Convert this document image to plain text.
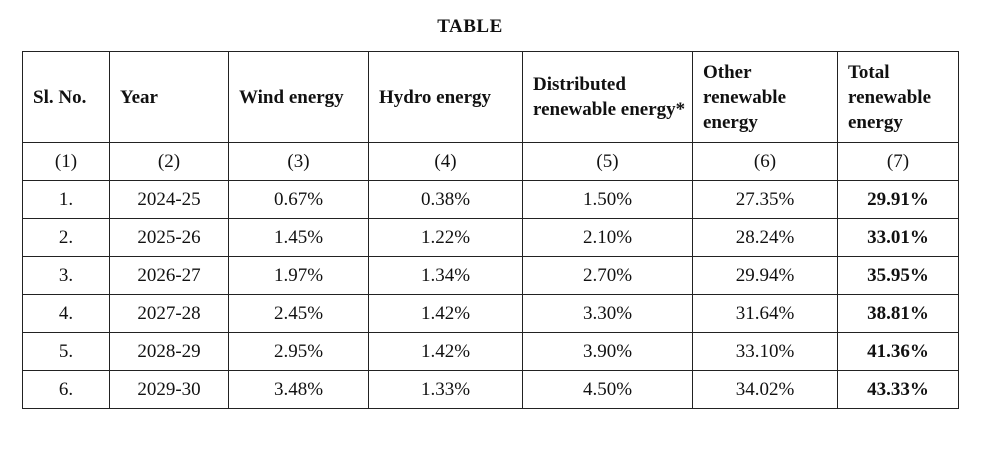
TABLE
Sl. No.	Year	Wind energy	Hydro energy	Distributed renewable energy*	Other renewable energy	Total renewable energy
(1)	(2)	(3)	(4)	(5)	(6)	(7)
1.	2024-25	0.67%	0.38%	1.50%	27.35%	29.91%
2.	2025-26	1.45%	1.22%	2.10%	28.24%	33.01%
3.	2026-27	1.97%	1.34%	2.70%	29.94%	35.95%
4.	2027-28	2.45%	1.42%	3.30%	31.64%	38.81%
5.	2028-29	2.95%	1.42%	3.90%	33.10%	41.36%
6.	2029-30	3.48%	1.33%	4.50%	34.02%	43.33%
